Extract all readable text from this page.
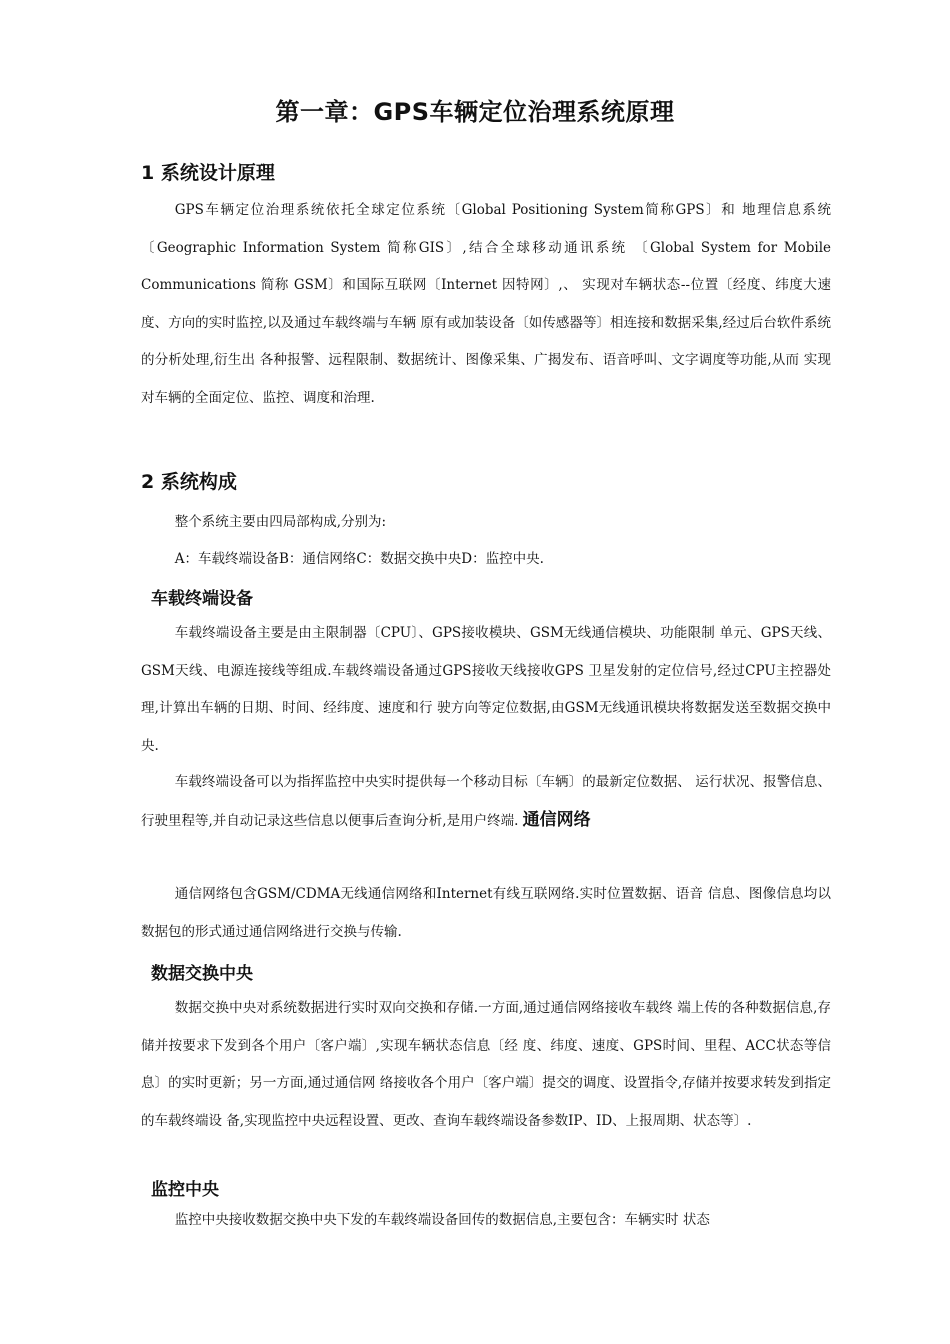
第一章：GPS车辆定位治理系统原理
1 系统设计原理

GPS车辆定位治理系统依托全球定位系统〔Global Positioning System简称GPS〕和 地理信息系统〔Geographic Information System 简称GIS〕,结合全球移动通讯系统 〔Global System for Mobile Communications 简称 GSM〕和国际互联网〔Internet 因特网〕,、 实现对车辆状态--位置〔经度、纬度大速度、方向的实时监控,以及通过车载终端与车辆 原有或加装设备〔如传感器等〕相连接和数据采集,经过后台软件系统的分析处理,衍生出 各种报警、远程限制、数据统计、图像采集、广揭发布、语音呼叫、文字调度等功能,从而 实现对车辆的全面定位、监控、调度和治理.

2 系统构成

整个系统主要由四局部构成,分别为:

A：车载终端设备B：通信网络C：数据交换中央D：监控中央.

车载终端设备

车载终端设备主要是由主限制器〔CPU〕、GPS接收模块、GSM无线通信模块、功能限制 单元、GPS天线、GSM天线、电源连接线等组成.车载终端设备通过GPS接收天线接收GPS 卫星发射的定位信号,经过CPU主控器处理,计算出车辆的日期、时间、经纬度、速度和行 驶方向等定位数据,由GSM无线通讯模块将数据发送至数据交换中央.

车载终端设备可以为指挥监控中央实时提供每一个移动目标〔车辆〕的最新定位数据、 运行状况、报警信息、行驶里程等,并自动记录这些信息以便事后查询分析,是用户终端. 通信网络

通信网络包含GSM/CDMA无线通信网络和Internet有线互联网络.实时位置数据、语音 信息、图像信息均以数据包的形式通过通信网络进行交换与传输.

数据交换中央

数据交换中央对系统数据进行实时双向交换和存储.一方面,通过通信网络接收车载终 端上传的各种数据信息,存储并按要求下发到各个用户〔客户端〕,实现车辆状态信息〔经 度、纬度、速度、GPS时间、里程、ACC状态等信息〕的实时更新；另一方面,通过通信网 络接收各个用户〔客户端〕提交的调度、设置指令,存储并按要求转发到指定的车载终端设 备,实现监控中央远程设置、更改、查询车载终端设备参数IP、ID、上报周期、状态等〕.

监控中央

监控中央接收数据交换中央下发的车载终端设备回传的数据信息,主要包含：车辆实时 状态
